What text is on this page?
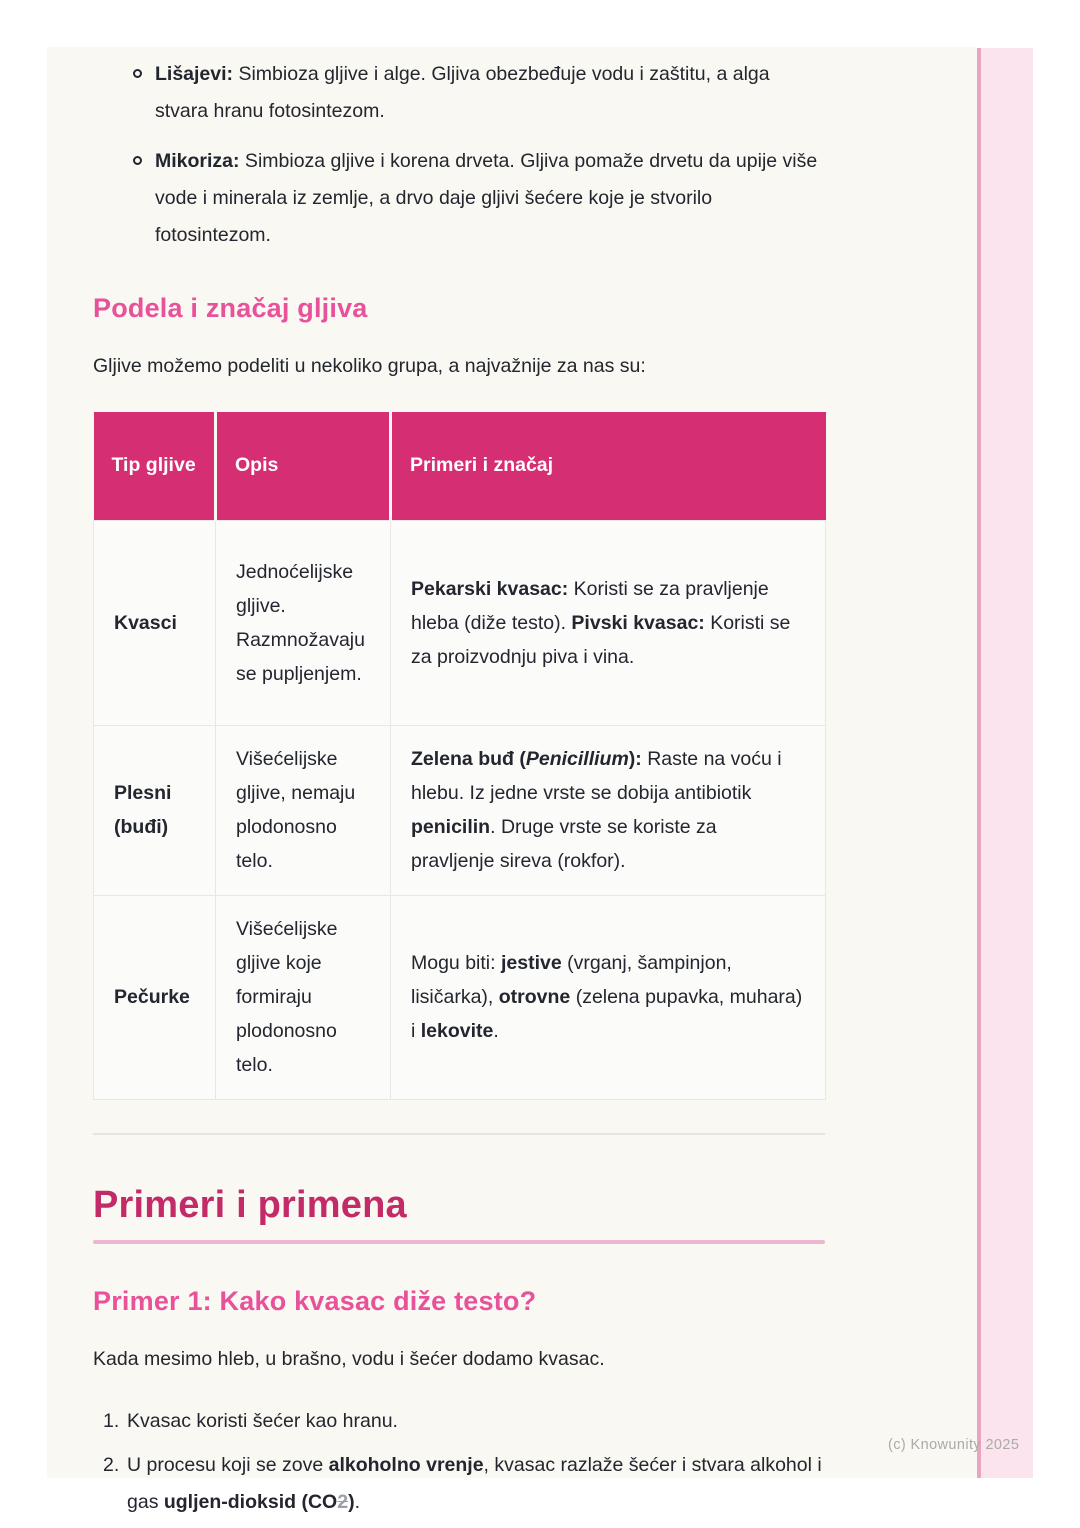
Lišajevi: Simbioza gljive i alge. Gljiva obezbeđuje vodu i zaštitu, a alga stvara hranu fotosintezom.
Mikoriza: Simbioza gljive i korena drveta. Gljiva pomaže drvetu da upije više vode i minerala iz zemlje, a drvo daje gljivi šećere koje je stvorilo fotosintezom.
Podela i značaj gljiva

Gljive možemo podeliti u nekoliko grupa, a najvažnije za nas su:

Tip gljive	Opis	Primeri i značaj
Kvasci	Jednoćelijske gljive. Razmnožavaju se pupljenjem.	Pekarski kvasac: Koristi se za pravljenje hleba (diže testo). Pivski kvasac: Koristi se za proizvodnju piva i vina.
Plesni (buđi)	Višećelijske gljive, nemaju plodonosno telo.	Zelena buđ (Penicillium): Raste na voću i hlebu. Iz jedne vrste se dobija antibiotik penicilin. Druge vrste se koriste za pravljenje sireva (rokfor).
Pečurke	Višećelijske gljive koje formiraju plodonosno telo.	Mogu biti: jestive (vrganj, šampinjon, lisičarka), otrovne (zelena pupavka, muhara) i lekovite.
Primeri i primena
Primer 1: Kako kvasac diže testo?

Kada mesimo hleb, u brašno, vodu i šećer dodamo kvasac.

1. Kvasac koristi šećer kao hranu.
2. U procesu koji se zove alkoholno vrenje, kvasac razlaže šećer i stvara alkohol i gas ugljen-dioksid (CO2).
(c) Knowunity 2025
